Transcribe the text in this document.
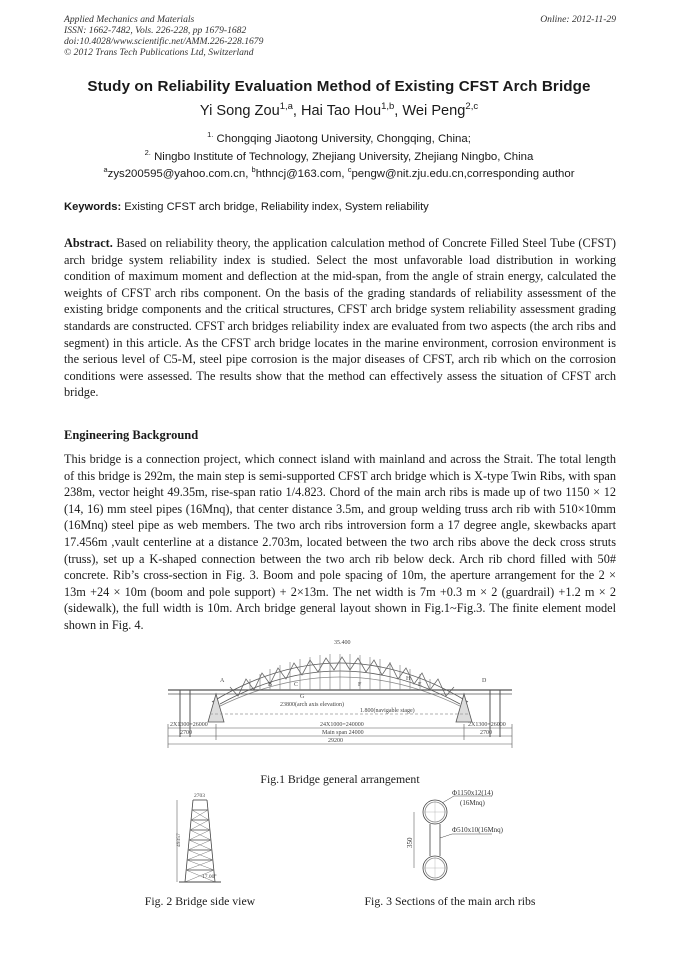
Applied Mechanics and Materials
ISSN: 1662-7482, Vols. 226-228, pp 1679-1682
doi:10.4028/www.scientific.net/AMM.226-228.1679
© 2012 Trans Tech Publications Ltd, Switzerland
Online: 2012-11-29
Study on Reliability Evaluation Method of Existing CFST Arch Bridge
Yi Song Zou$^{1,a}$, Hai Tao Hou$^{1,b}$, Wei Peng$^{2,c}$
$^{1.}$ Chongqing Jiaotong University, Chongqing, China;
$^{2.}$ Ningbo Institute of Technology, Zhejiang University, Zhejiang Ningbo, China
$^a$zys200595@yahoo.com.cn, $^b$hthncj@163.com, $^c$pengw@nit.zju.edu.cn,corresponding author
Keywords: Existing CFST arch bridge, Reliability index, System reliability
Abstract. Based on reliability theory, the application calculation method of Concrete Filled Steel Tube (CFST) arch bridge system reliability index is studied. Select the most unfavorable load distribution in working condition of maximum moment and deflection at the mid-span, from the angle of strain energy, calculated the weights of CFST arch ribs component. On the basis of the grading standards of reliability assessment of the existing bridge components and the critical structures, CFST arch bridge system reliability assessment grading standards are constructed. CFST arch bridges reliability index are evaluated from two aspects (the arch ribs and segment) in this article. As the CFST arch bridge locates in the marine environment, corrosion environment is the serious level of C5-M, steel pipe corrosion is the major diseases of CFST, arch rib which on the corrosion conditions were assessed. The results show that the method can effectively assess the situation of CFST arch bridge.
Engineering Background
This bridge is a connection project, which connect island with mainland and across the Strait. The total length of this bridge is 292m, the main step is semi-supported CFST arch bridge which is X-type Twin Ribs, with span 238m, vector height 49.35m, rise-span ratio 1/4.823. Chord of the main arch ribs is made up of two 1150 × 12 (14, 16) mm steel pipes (16Mnq), that center distance 3.5m, and group welding truss arch rib with 510×10mm (16Mnq) steel pipe as web members. The two arch ribs introversion form a 17 degree angle, skewbacks apart 17.456m ,vault centerline at a distance 2.703m, located between the two arch ribs above the deck cross struts (truss), set up a K-shaped connection between the two arch rib below deck. Arch rib chord filled with 50# concrete. Rib’s cross-section in Fig. 3. Boom and pole spacing of 10m, the aperture arrangement for the 2 × 13m +24 × 10m (boom and pole support) + 2×13m. The net width is 7m +0.3 m × 2 (guardrail) +1.2 m × 2 (sidewalk), the full width is 10m. Arch bridge general layout shown in Fig.1~Fig.3. The finite element model shown in Fig. 4.
35.400
A
B	C
G
F
H
E
D
23800(arch axis elevation)
1.800(navigable stage)
2X1300=26000	24X1000=240000	2X1300=26000
2700	Main span 24000	2700
29200
Fig.1 Bridge general arrangement
2703
49357
17.00°
Fig. 2 Bridge side view
Φ1150x12(14)
(16Mnq)
Φ510x10(16Mnq)
350
Fig. 3 Sections of the main arch ribs
